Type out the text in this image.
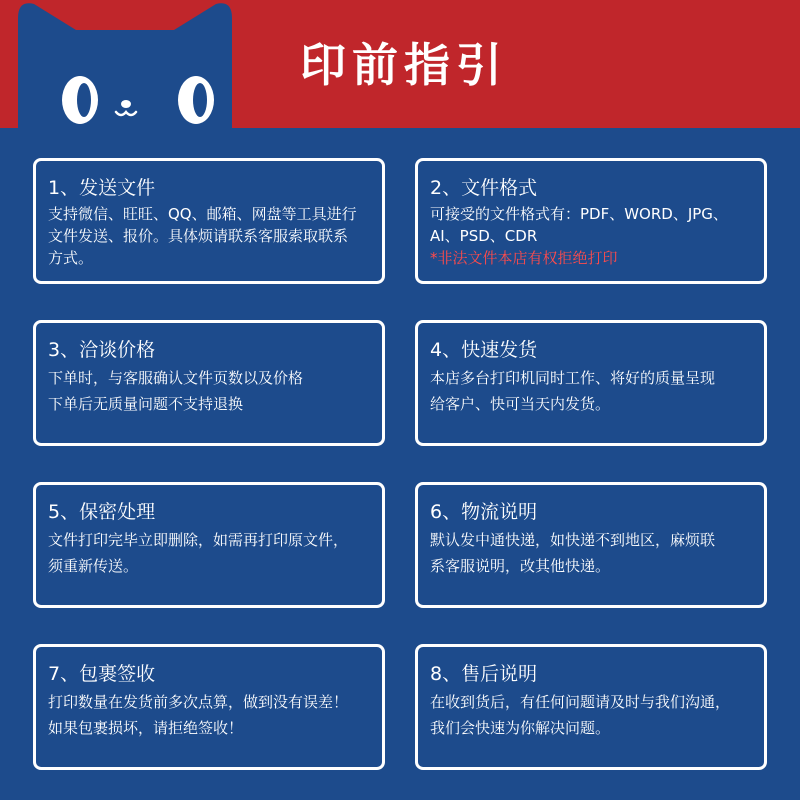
印前指引
1、发送文件
支持微信、旺旺、QQ、邮箱、网盘等工具进行
文件发送、报价。具体烦请联系客服索取联系
方式。
2、文件格式
可接受的文件格式有：PDF、WORD、JPG、
AI、PSD、CDR
*非法文件本店有权拒绝打印
3、洽谈价格
下单时，与客服确认文件页数以及价格
下单后无质量问题不支持退换
4、快速发货
本店多台打印机同时工作、将好的质量呈现
给客户、快可当天内发货。
5、保密处理
文件打印完毕立即删除，如需再打印原文件，
须重新传送。
6、物流说明
默认发中通快递，如快递不到地区，麻烦联
系客服说明，改其他快递。
7、包裹签收
打印数量在发货前多次点算，做到没有误差！
如果包裹损坏，请拒绝签收！
8、售后说明
在收到货后，有任何问题请及时与我们沟通，
我们会快速为你解决问题。
